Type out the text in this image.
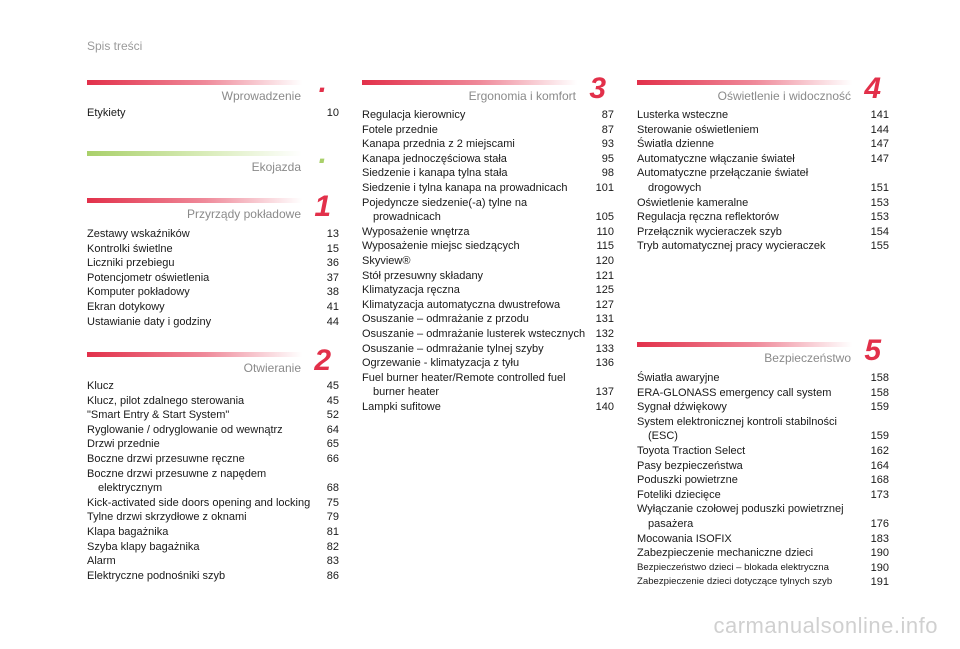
Spis treści
Wprowadzenie .
Etykiety	10
Ekojazda .
Przyrządy pokładowe 1
Zestawy wskaźników	13
Kontrolki świetlne	15
Liczniki przebiegu	36
Potencjometr oświetlenia	37
Komputer pokładowy	38
Ekran dotykowy	41
Ustawianie daty i godziny	44
Otwieranie 2
Klucz	45
Klucz, pilot zdalnego sterowania	45
"Smart Entry & Start System"	52
Ryglowanie / odryglowanie od wewnątrz	64
Drzwi przednie	65
Boczne drzwi przesuwne ręczne	66
Boczne drzwi przesuwne z napędem elektrycznym	68
Kick-activated side doors opening and locking	75
Tylne drzwi skrzydłowe z oknami	79
Klapa bagażnika	81
Szyba klapy bagażnika	82
Alarm	83
Elektryczne podnośniki szyb	86
Ergonomia i komfort 3
Regulacja kierownicy	87
Fotele przednie	87
Kanapa przednia z 2 miejscami	93
Kanapa jednoczęściowa stała	95
Siedzenie i kanapa tylna stała	98
Siedzenie i tylna kanapa na prowadnicach	101
Pojedyncze siedzenie(-a) tylne na prowadnicach	105
Wyposażenie wnętrza	110
Wyposażenie miejsc siedzących	115
Skyview®	120
Stół przesuwny składany	121
Klimatyzacja ręczna	125
Klimatyzacja automatyczna dwustrefowa	127
Osuszanie – odmrażanie z przodu	131
Osuszanie – odmrażanie lusterek wstecznych 132
Osuszanie – odmrażanie tylnej szyby	133
Ogrzewanie - klimatyzacja z tyłu	136
Fuel burner heater/Remote controlled fuel burner heater	137
Lampki sufitowe	140
Oświetlenie i widoczność 4
Lusterka wsteczne	141
Sterowanie oświetleniem	144
Światła dzienne	147
Automatyczne włączanie świateł	147
Automatyczne przełączanie świateł drogowych	151
Oświetlenie kameralne	153
Regulacja ręczna reflektorów	153
Przełącznik wycieraczek szyb	154
Tryb automatycznej pracy wycieraczek	155
Bezpieczeństwo 5
Światła awaryjne	158
ERA-GLONASS emergency call system	158
Sygnał dźwiękowy	159
System elektronicznej kontroli stabilności (ESC)	159
Toyota Traction Select	162
Pasy bezpieczeństwa	164
Poduszki powietrzne	168
Foteliki dziecięce	173
Wyłączanie czołowej poduszki powietrznej pasażera	176
Mocowania ISOFIX	183
Zabezpieczenie mechaniczne dzieci	190
Bezpieczeństwo dzieci – blokada elektryczna	190
Zabezpieczenie dzieci dotyczące tylnych szyb	191
carmanualsonline.info
